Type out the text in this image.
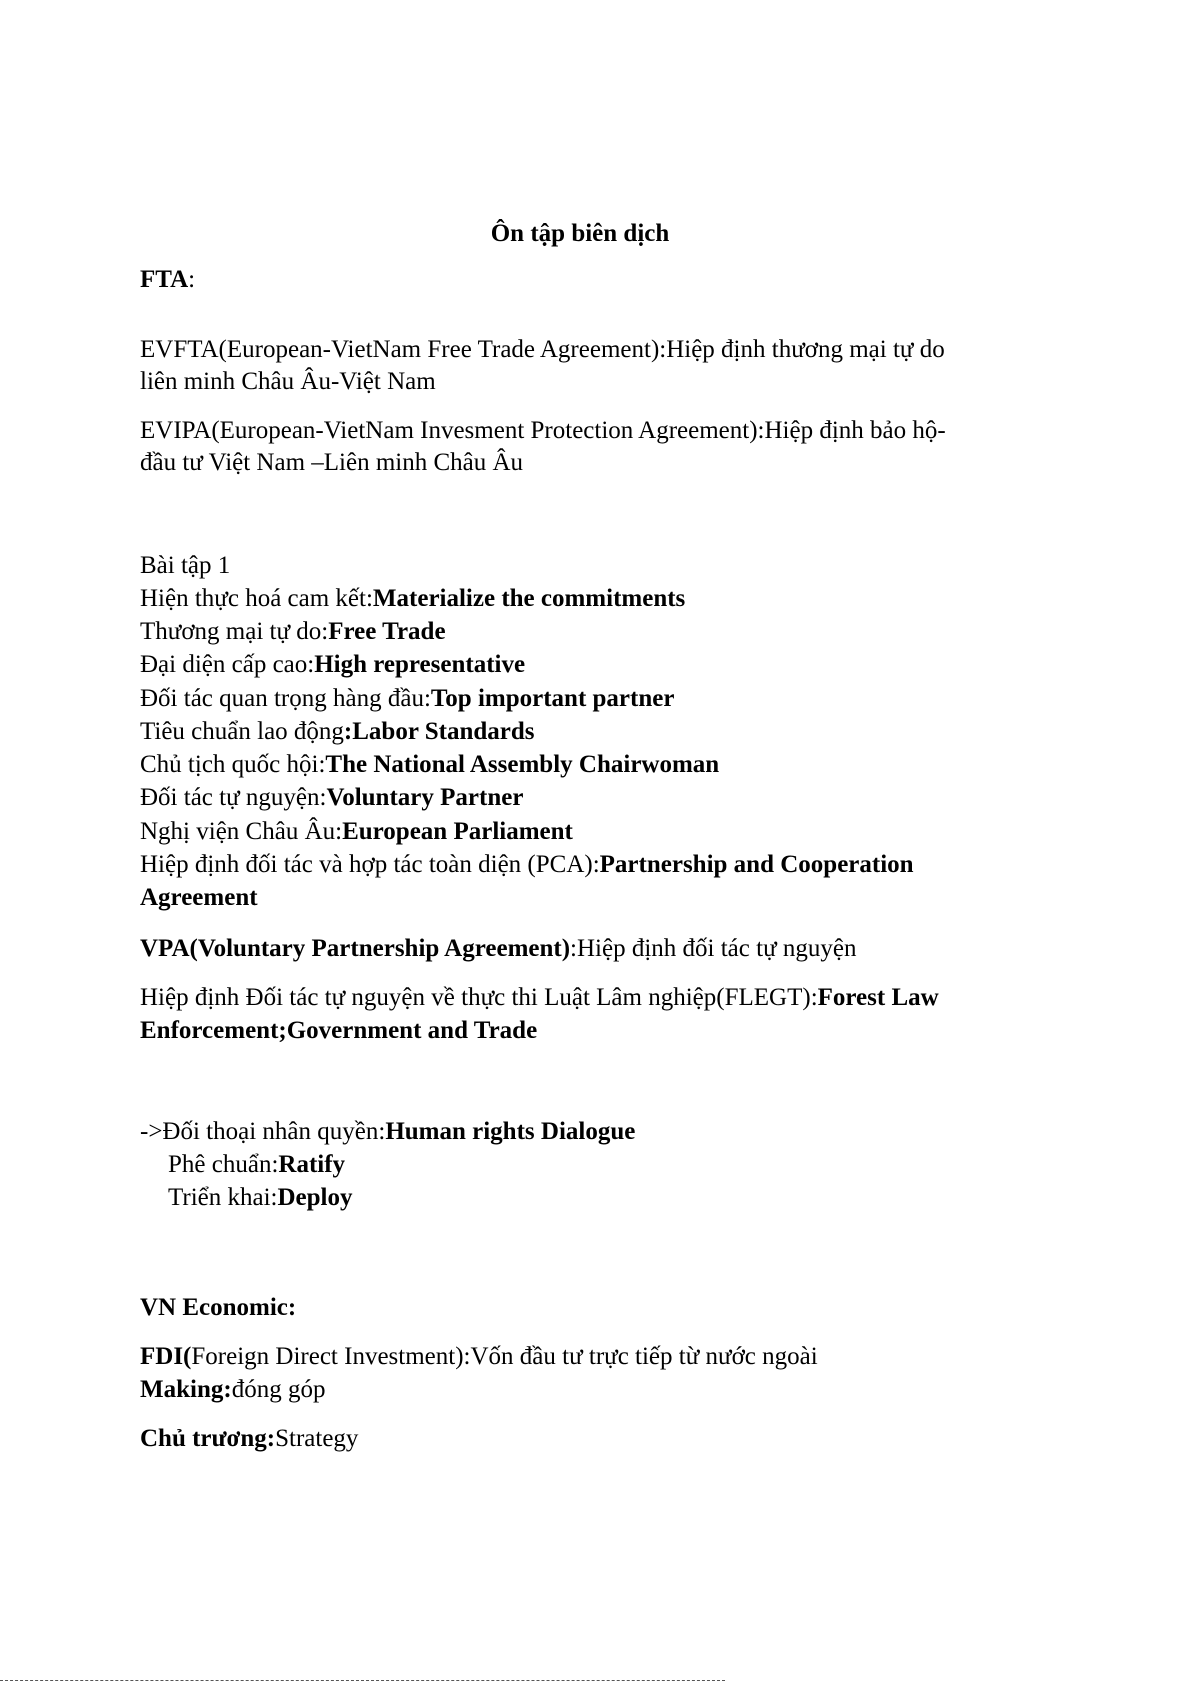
Ôn tập biên dịch

FTA:

EVFTA(European-VietNam Free Trade Agreement):Hiệp định thương mại tự do

liên minh Châu Âu-Việt Nam

EVIPA(European-VietNam Invesment Protection Agreement):Hiệp định bảo hộ-

đầu tư Việt Nam –Liên minh Châu Âu

Bài tập 1

Hiện thực hoá cam kết:Materialize the commitments

Thương mại tự do:Free Trade

Đại diện cấp cao:High representative

Đối tác quan trọng hàng đầu:Top important partner

Tiêu chuẩn lao động:Labor Standards

Chủ tịch quốc hội:The National Assembly Chairwoman

Đối tác tự nguyện:Voluntary Partner

Nghị viện Châu Âu:European Parliament

Hiệp định đối tác và hợp tác toàn diện (PCA):Partnership and Cooperation

Agreement

VPA(Voluntary Partnership Agreement):Hiệp định đối tác tự nguyện

Hiệp định Đối tác tự nguyện về thực thi Luật Lâm nghiệp(FLEGT):Forest Law

Enforcement;Government and Trade

->Đối thoại nhân quyền:Human rights Dialogue

Phê chuẩn:Ratify

Triển khai:Deploy

VN Economic:

FDI(Foreign Direct Investment):Vốn đầu tư trực tiếp từ nước ngoài

Making:đóng góp

Chủ trương:Strategy
